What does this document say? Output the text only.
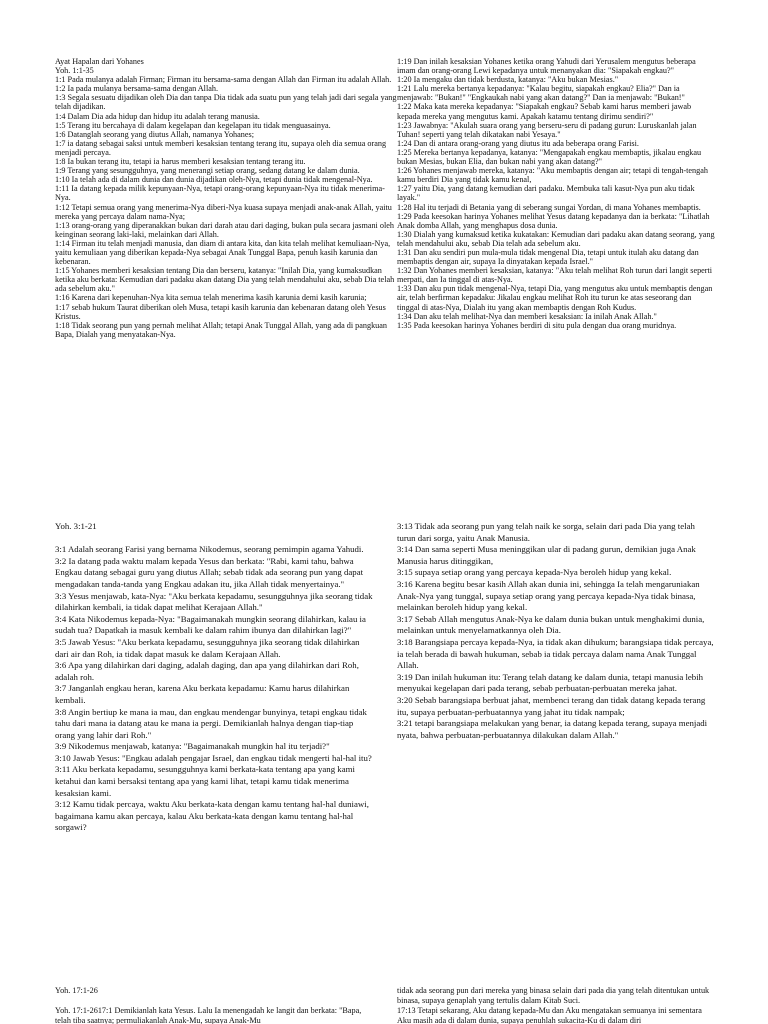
Ayat Hapalan dari Yohanes
Yoh. 1:1-35
1:1 Pada mulanya adalah Firman; Firman itu bersama-sama dengan Allah dan Firman itu adalah Allah.
1:2 Ia pada mulanya bersama-sama dengan Allah.
1:3 Segala sesuatu dijadikan oleh Dia dan tanpa Dia tidak ada suatu pun yang telah jadi dari segala yang telah dijadikan.
1:4 Dalam Dia ada hidup dan hidup itu adalah terang manusia.
1:5 Terang itu bercahaya di dalam kegelapan dan kegelapan itu tidak menguasainya.
1:6 Datanglah seorang yang diutus Allah, namanya Yohanes;
1:7 ia datang sebagai saksi untuk memberi kesaksian tentang terang itu, supaya oleh dia semua orang menjadi percaya.
1:8 Ia bukan terang itu, tetapi ia harus memberi kesaksian tentang terang itu.
1:9 Terang yang sesungguhnya, yang menerangi setiap orang, sedang datang ke dalam dunia.
1:10 Ia telah ada di dalam dunia dan dunia dijadikan oleh-Nya, tetapi dunia tidak mengenal-Nya.
1:11 Ia datang kepada milik kepunyaan-Nya, tetapi orang-orang kepunyaan-Nya itu tidak menerima-Nya.
1:12 Tetapi semua orang yang menerima-Nya diberi-Nya kuasa supaya menjadi anak-anak Allah, yaitu mereka yang percaya dalam nama-Nya;
1:13 orang-orang yang diperanakkan bukan dari darah atau dari daging, bukan pula secara jasmani oleh keinginan seorang laki-laki, melainkan dari Allah.
1:14 Firman itu telah menjadi manusia, dan diam di antara kita, dan kita telah melihat kemuliaan-Nya, yaitu kemuliaan yang diberikan kepada-Nya sebagai Anak Tunggal Bapa, penuh kasih karunia dan kebenaran.
1:15 Yohanes memberi kesaksian tentang Dia dan berseru, katanya: "Inilah Dia, yang kumaksudkan ketika aku berkata: Kemudian dari padaku akan datang Dia yang telah mendahului aku, sebab Dia telah ada sebelum aku."
1:16 Karena dari kepenuhan-Nya kita semua telah menerima kasih karunia demi kasih karunia;
1:17 sebab hukum Taurat diberikan oleh Musa, tetapi kasih karunia dan kebenaran datang oleh Yesus Kristus.
1:18 Tidak seorang pun yang pernah melihat Allah; tetapi Anak Tunggal Allah, yang ada di pangkuan Bapa, Dialah yang menyatakan-Nya.
1:19 Dan inilah kesaksian Yohanes ketika orang Yahudi dari Yerusalem mengutus beberapa imam dan orang-orang Lewi kepadanya untuk menanyakan dia: "Siapakah engkau?"
1:20 Ia mengaku dan tidak berdusta, katanya: "Aku bukan Mesias."
1:21 Lalu mereka bertanya kepadanya: "Kalau begitu, siapakah engkau? Elia?" Dan ia menjawab: "Bukan!" "Engkaukah nabi yang akan datang?" Dan ia menjawab: "Bukan!"
1:22 Maka kata mereka kepadanya: "Siapakah engkau? Sebab kami harus memberi jawab kepada mereka yang mengutus kami. Apakah katamu tentang dirimu sendiri?"
1:23 Jawabnya: "Akulah suara orang yang berseru-seru di padang gurun: Luruskanlah jalan Tuhan! seperti yang telah dikatakan nabi Yesaya."
1:24 Dan di antara orang-orang yang diutus itu ada beberapa orang Farisi.
1:25 Mereka bertanya kepadanya, katanya: "Mengapakah engkau membaptis, jikalau engkau bukan Mesias, bukan Elia, dan bukan nabi yang akan datang?"
1:26 Yohanes menjawab mereka, katanya: "Aku membaptis dengan air; tetapi di tengah-tengah kamu berdiri Dia yang tidak kamu kenal,
1:27 yaitu Dia, yang datang kemudian dari padaku. Membuka tali kasut-Nya pun aku tidak layak."
1:28 Hal itu terjadi di Betania yang di seberang sungai Yordan, di mana Yohanes membaptis.
1:29 Pada keesokan harinya Yohanes melihat Yesus datang kepadanya dan ia berkata: "Lihatlah Anak domba Allah, yang menghapus dosa dunia.
1:30 Dialah yang kumaksud ketika kukatakan: Kemudian dari padaku akan datang seorang, yang telah mendahului aku, sebab Dia telah ada sebelum aku.
1:31 Dan aku sendiri pun mula-mula tidak mengenal Dia, tetapi untuk itulah aku datang dan membaptis dengan air, supaya Ia dinyatakan kepada Israel."
1:32 Dan Yohanes memberi kesaksian, katanya: "Aku telah melihat Roh turun dari langit seperti merpati, dan Ia tinggal di atas-Nya.
1:33 Dan aku pun tidak mengenal-Nya, tetapi Dia, yang mengutus aku untuk membaptis dengan air, telah berfirman kepadaku: Jikalau engkau melihat Roh itu turun ke atas seseorang dan tinggal di atas-Nya, Dialah itu yang akan membaptis dengan Roh Kudus.
1:34 Dan aku telah melihat-Nya dan memberi kesaksian: Ia inilah Anak Allah."
1:35 Pada keesokan harinya Yohanes berdiri di situ pula dengan dua orang muridnya.
Yoh. 3:1-21

3:1 Adalah seorang Farisi yang bernama Nikodemus, seorang pemimpin agama Yahudi.
3:2 Ia datang pada waktu malam kepada Yesus dan berkata: "Rabi, kami tahu, bahwa Engkau datang sebagai guru yang diutus Allah; sebab tidak ada seorang pun yang dapat mengadakan tanda-tanda yang Engkau adakan itu, jika Allah tidak menyertainya."
3:3 Yesus menjawab, kata-Nya: "Aku berkata kepadamu, sesungguhnya jika seorang tidak dilahirkan kembali, ia tidak dapat melihat Kerajaan Allah."
3:4 Kata Nikodemus kepada-Nya: "Bagaimanakah mungkin seorang dilahirkan, kalau ia sudah tua? Dapatkah ia masuk kembali ke dalam rahim ibunya dan dilahirkan lagi?"
3:5 Jawab Yesus: "Aku berkata kepadamu, sesungguhnya jika seorang tidak dilahirkan dari air dan Roh, ia tidak dapat masuk ke dalam Kerajaan Allah.
3:6 Apa yang dilahirkan dari daging, adalah daging, dan apa yang dilahirkan dari Roh, adalah roh.
3:7 Janganlah engkau heran, karena Aku berkata kepadamu: Kamu harus dilahirkan kembali.
3:8 Angin bertiup ke mana ia mau, dan engkau mendengar bunyinya, tetapi engkau tidak tahu dari mana ia datang atau ke mana ia pergi. Demikianlah halnya dengan tiap-tiap orang yang lahir dari Roh."
3:9 Nikodemus menjawab, katanya: "Bagaimanakah mungkin hal itu terjadi?"
3:10 Jawab Yesus: "Engkau adalah pengajar Israel, dan engkau tidak mengerti hal-hal itu?
3:11 Aku berkata kepadamu, sesungguhnya kami berkata-kata tentang apa yang kami ketahui dan kami bersaksi tentang apa yang kami lihat, tetapi kamu tidak menerima kesaksian kami.
3:12 Kamu tidak percaya, waktu Aku berkata-kata dengan kamu tentang hal-hal duniawi, bagaimana kamu akan percaya, kalau Aku berkata-kata dengan kamu tentang hal-hal sorgawi?
3:13 Tidak ada seorang pun yang telah naik ke sorga, selain dari pada Dia yang telah turun dari sorga, yaitu Anak Manusia.
3:14 Dan sama seperti Musa meninggikan ular di padang gurun, demikian juga Anak Manusia harus ditinggikan,
3:15 supaya setiap orang yang percaya kepada-Nya beroleh hidup yang kekal.
3:16 Karena begitu besar kasih Allah akan dunia ini, sehingga Ia telah mengaruniakan Anak-Nya yang tunggal, supaya setiap orang yang percaya kepada-Nya tidak binasa, melainkan beroleh hidup yang kekal.
3:17 Sebab Allah mengutus Anak-Nya ke dalam dunia bukan untuk menghakimi dunia, melainkan untuk menyelamatkannya oleh Dia.
3:18 Barangsiapa percaya kepada-Nya, ia tidak akan dihukum; barangsiapa tidak percaya, ia telah berada di bawah hukuman, sebab ia tidak percaya dalam nama Anak Tunggal Allah.
3:19 Dan inilah hukuman itu: Terang telah datang ke dalam dunia, tetapi manusia lebih menyukai kegelapan dari pada terang, sebab perbuatan-perbuatan mereka jahat.
3:20 Sebab barangsiapa berbuat jahat, membenci terang dan tidak datang kepada terang itu, supaya perbuatan-perbuatannya yang jahat itu tidak nampak;
3:21 tetapi barangsiapa melakukan yang benar, ia datang kepada terang, supaya menjadi nyata, bahwa perbuatan-perbuatannya dilakukan dalam Allah."
Yoh. 17:1-26

Yoh. 17:1-2617:1 Demikianlah kata Yesus. Lalu Ia menengadah ke langit dan berkata: "Bapa, telah tiba saatnya; permuliakanlah Anak-Mu, supaya Anak-Mu
tidak ada seorang pun dari mereka yang binasa selain dari pada dia yang telah ditentukan untuk binasa, supaya genaplah yang tertulis dalam Kitab Suci.
17:13 Tetapi sekarang, Aku datang kepada-Mu dan Aku mengatakan semuanya ini sementara Aku masih ada di dalam dunia, supaya penuhlah sukacita-Ku di dalam diri
